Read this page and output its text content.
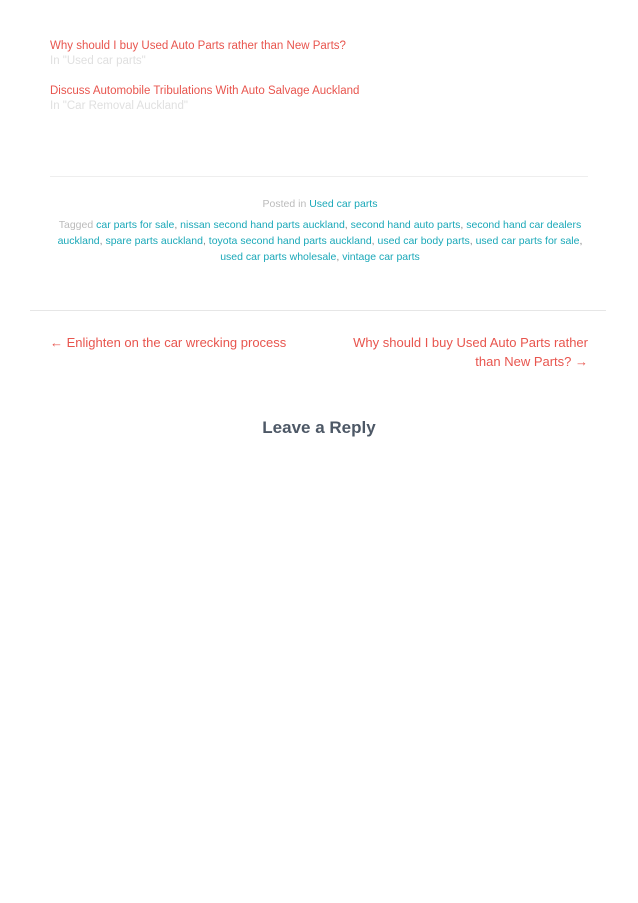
Why should I buy Used Auto Parts rather than New Parts?
In "Used car parts"
Discuss Automobile Tribulations With Auto Salvage Auckland
In "Car Removal Auckland"
Posted in Used car parts
Tagged car parts for sale, nissan second hand parts auckland, second hand auto parts, second hand car dealers auckland, spare parts auckland, toyota second hand parts auckland, used car body parts, used car parts for sale, used car parts wholesale, vintage car parts
← Enlighten on the car wrecking process	Why should I buy Used Auto Parts rather than New Parts? →
Leave a Reply
